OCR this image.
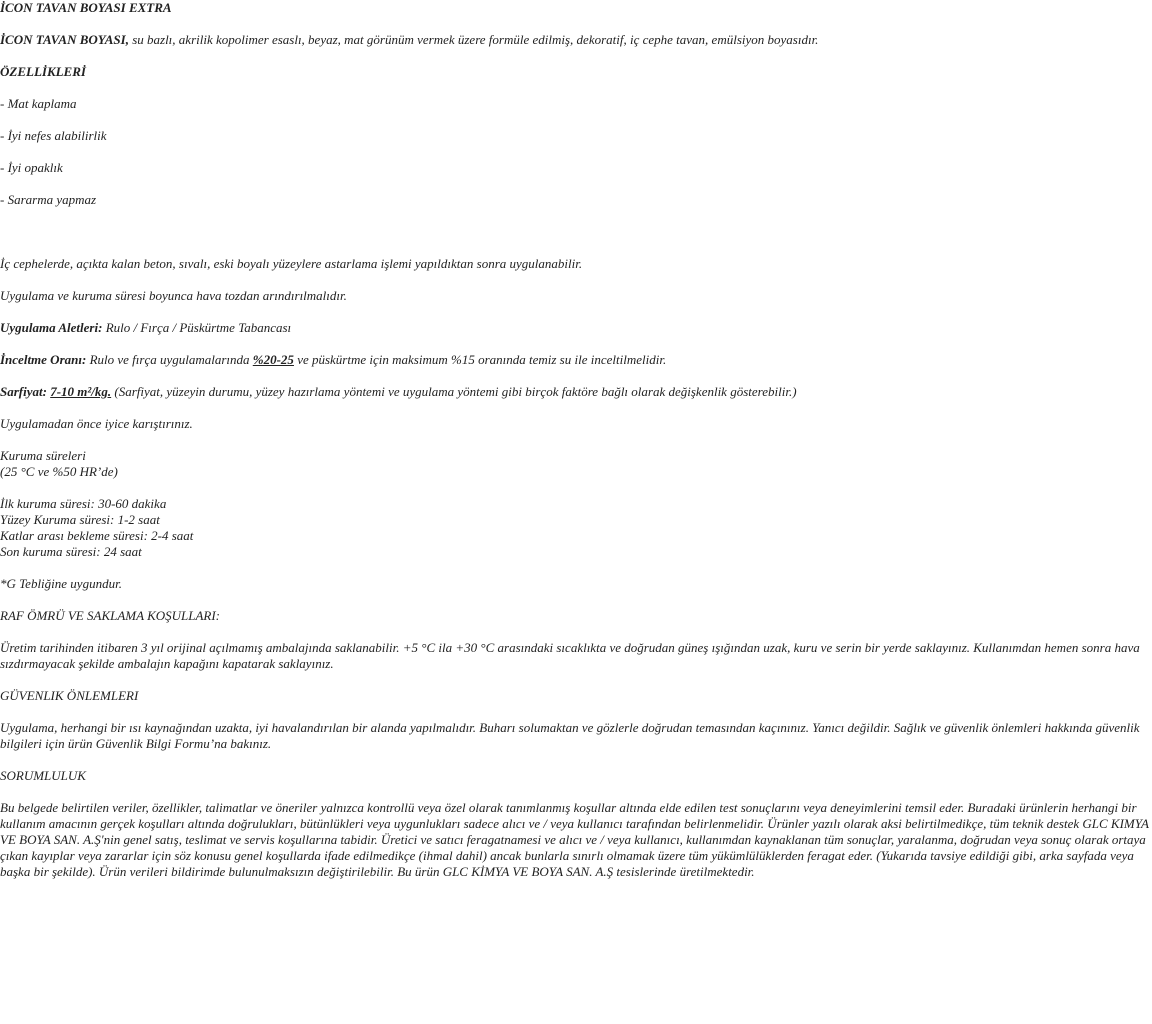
İCON TAVAN BOYASI EXTRA

İCON TAVAN BOYASI, su bazlı, akrilik kopolimer esaslı, beyaz, mat görünüm vermek üzere formüle edilmiş, dekoratif, iç cephe tavan, emülsiyon boyasıdır.

ÖZELLİKLERİ

- Mat kaplama

- İyi nefes alabilirlik

- İyi opaklık

- Sararma yapmaz

İç cephelerde, açıkta kalan beton, sıvalı, eski boyalı yüzeylere astarlama işlemi yapıldıktan sonra uygulanabilir.

Uygulama ve kuruma süresi boyunca hava tozdan arındırılmalıdır.

Uygulama Aletleri: Rulo / Fırça / Püskürtme Tabancası

İnceltme Oranı: Rulo ve fırça uygulamalarında %20-25 ve püskürtme için maksimum %15 oranında temiz su ile inceltilmelidir.

Sarfiyat: 7-10 m²/kg. (Sarfiyat, yüzeyin durumu, yüzey hazırlama yöntemi ve uygulama yöntemi gibi birçok faktöre bağlı olarak değişkenlik gösterebilir.)

Uygulamadan önce iyice karıştırınız.

Kuruma süreleri
(25 °C ve %50 HR’de)

İlk kuruma süresi: 30-60 dakika
Yüzey Kuruma süresi: 1-2 saat
Katlar arası bekleme süresi: 2-4 saat
Son kuruma süresi: 24 saat

*G Tebliğine uygundur.

RAF ÖMRÜ VE SAKLAMA KOŞULLARI:

Üretim tarihinden itibaren 3 yıl orijinal açılmamış ambalajında saklanabilir. +5 °C ila +30 °C arasındaki sıcaklıkta ve doğrudan güneş ışığından uzak, kuru ve serin bir yerde saklayınız. Kullanımdan hemen sonra hava sızdırmayacak şekilde ambalajın kapağını kapatarak saklayınız.

GÜVENLIK ÖNLEMLERI

Uygulama, herhangi bir ısı kaynağından uzakta, iyi havalandırılan bir alanda yapılmalıdır. Buharı solumaktan ve gözlerle doğrudan temasından kaçınınız. Yanıcı değildir. Sağlık ve güvenlik önlemleri hakkında güvenlik bilgileri için ürün Güvenlik Bilgi Formu’na bakınız.

SORUMLULUK

Bu belgede belirtilen veriler, özellikler, talimatlar ve öneriler yalnızca kontrollü veya özel olarak tanımlanmış koşullar altında elde edilen test sonuçlarını veya deneyimlerini temsil eder. Buradaki ürünlerin herhangi bir kullanım amacının gerçek koşulları altında doğrulukları, bütünlükleri veya uygunlukları sadece alıcı ve / veya kullanıcı tarafından belirlenmelidir. Ürünler yazılı olarak aksi belirtilmedikçe, tüm teknik destek GLC KIMYA VE BOYA SAN. A.Ş'nin genel satış, teslimat ve servis koşullarına tabidir. Üretici ve satıcı feragatnamesi ve alıcı ve / veya kullanıcı, kullanımdan kaynaklanan tüm sonuçlar, yaralanma, doğrudan veya sonuç olarak ortaya çıkan kayıplar veya zararlar için söz konusu genel koşullarda ifade edilmedikçe (ihmal dahil) ancak bunlarla sınırlı olmamak üzere tüm yükümlülüklerden feragat eder. (Yukarıda tavsiye edildiği gibi, arka sayfada veya başka bir şekilde). Ürün verileri bildirimde bulunulmaksızın değiştirilebilir. Bu ürün GLC KİMYA VE BOYA SAN. A.Ş tesislerinde üretilmektedir.
